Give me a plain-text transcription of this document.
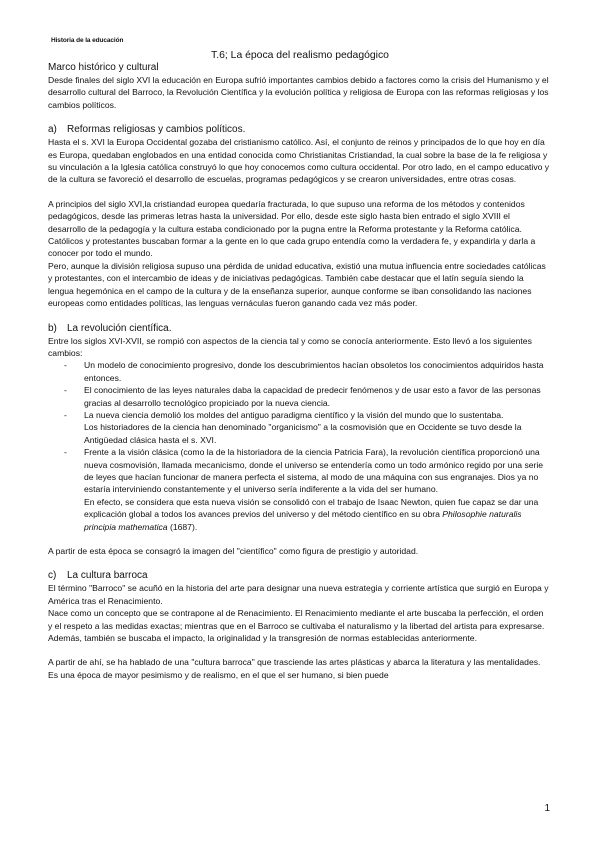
Historia de la educación
T.6; La época del realismo pedagógico

Marco histórico y cultural

Desde finales del siglo XVI la educación en Europa sufrió importantes cambios debido a factores como la crisis del Humanismo y el desarrollo cultural del Barroco, la Revolución Científica y la evolución política y religiosa de Europa con las reformas religiosas y los cambios políticos.

a) Reformas religiosas y cambios políticos.

Hasta el s. XVI la Europa Occidental gozaba del cristianismo católico. Así, el conjunto de reinos y principados de lo que hoy en día es Europa, quedaban englobados en una entidad conocida como Christianitas Cristiandad, la cual sobre la base de la fe religiosa y su vinculación a la Iglesia católica construyó lo que hoy conocemos como cultura occidental. Por otro lado, en el campo educativo y de la cultura se favoreció el desarrollo de escuelas, programas pedagógicos y se crearon universidades, entre otras cosas.

A principios del siglo XVI,la cristiandad europea quedaría fracturada, lo que supuso una reforma de los métodos y contenidos pedagógicos, desde las primeras letras hasta la universidad. Por ello, desde este siglo hasta bien entrado el siglo XVIII el desarrollo de la pedagogía y la cultura estaba condicionado por la pugna entre la Reforma protestante y la Reforma católica. Católicos y protestantes buscaban formar a la gente en lo que cada grupo entendía como la verdadera fe, y expandirla y darla a conocer por todo el mundo.

Pero, aunque la división religiosa supuso una pérdida de unidad educativa, existió una mutua influencia entre sociedades católicas y protestantes, con el intercambio de ideas y de iniciativas pedagógicas. También cabe destacar que el latín seguía siendo la lengua hegemónica en el campo de la cultura y de la enseñanza superior, aunque conforme se iban consolidando las naciones europeas como entidades políticas, las lenguas vernáculas fueron ganando cada vez más poder.

b) La revolución científica.

Entre los siglos XVI-XVII, se rompió con aspectos de la ciencia tal y como se conocía anteriormente. Esto llevó a los siguientes cambios:

- Un modelo de conocimiento progresivo, donde los descubrimientos hacían obsoletos los conocimientos adquiridos hasta entonces.
- El conocimiento de las leyes naturales daba la capacidad de predecir fenómenos y de usar esto a favor de las personas gracias al desarrollo tecnológico propiciado por la nueva ciencia.
- La nueva ciencia demolió los moldes del antiguo paradigma científico y la visión del mundo que lo sustentaba.
Los historiadores de la ciencia han denominado "organicismo" a la cosmovisión que en Occidente se tuvo desde la Antigüedad clásica hasta el s. XVI.
- Frente a la visión clásica (como la de la historiadora de la ciencia Patricia Fara), la revolución científica proporcionó una nueva cosmovisión, llamada mecanicismo, donde el universo se entendería como un todo armónico regido por una serie de leyes que hacían funcionar de manera perfecta el sistema, al modo de una máquina con sus engranajes. Dios ya no estaría interviniendo constantemente y el universo sería indiferente a la vida del ser humano.
En efecto, se considera que esta nueva visión se consolidó con el trabajo de Isaac Newton, quien fue capaz se dar una explicación global a todos los avances previos del universo y del método científico en su obra Philosophie naturalis principia mathematica (1687).

A partir de esta época se consagró la imagen del "científico" como figura de prestigio y autoridad.

c) La cultura barroca

El término "Barroco" se acuñó en la historia del arte para designar una nueva estrategia y corriente artística que surgió en Europa y América tras el Renacimiento.

Nace como un concepto que se contrapone al de Renacimiento. El Renacimiento mediante el arte buscaba la perfección, el orden y el respeto a las medidas exactas; mientras que en el Barroco se cultivaba el naturalismo y la libertad del artista para expresarse. Además, también se buscaba el impacto, la originalidad y la transgresión de normas establecidas anteriormente.

A partir de ahí, se ha hablado de una "cultura barroca" que trasciende las artes plásticas y abarca la literatura y las mentalidades. Es una época de mayor pesimismo y de realismo, en el que el ser humano, si bien puede

1
